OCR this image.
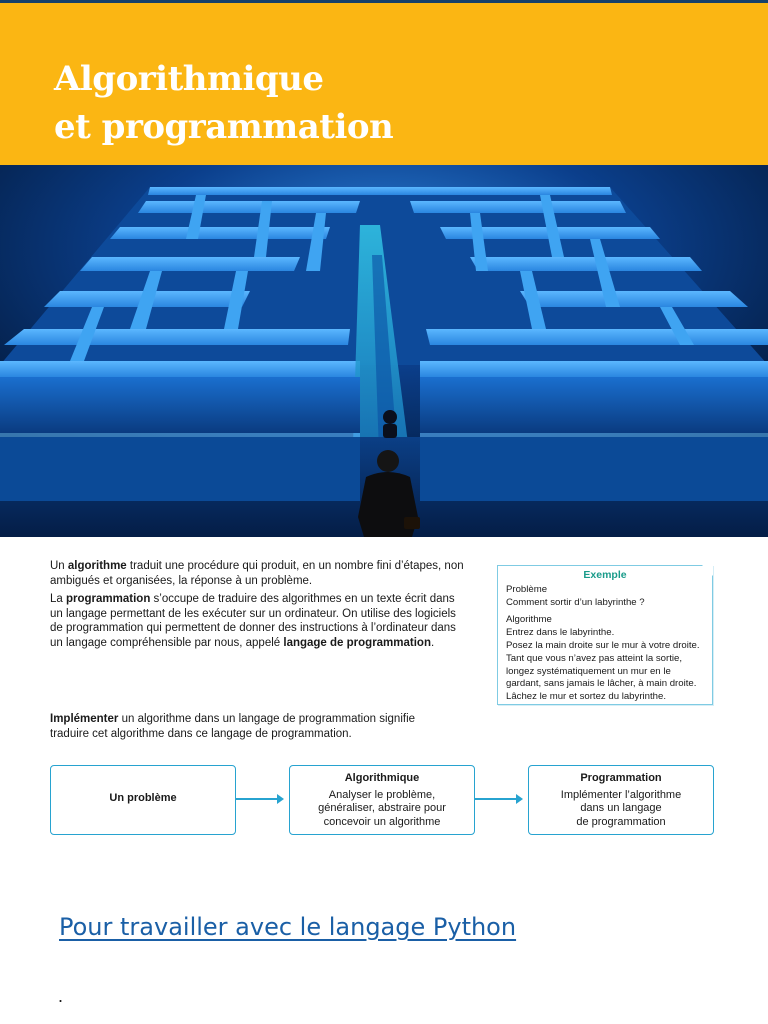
Algorithmique
et programmation

Un algorithme traduit une procédure qui produit, en un nombre fini d’étapes, non ambigués et organisées, la réponse à un problème.

La programmation s’occupe de traduire des algorithmes en un texte écrit dans un langage permettant de les exécuter sur un ordinateur. On utilise des logiciels de programmation qui permettent de donner des instructions à l’ordinateur dans un langage compréhensible par nous, appelé langage de programmation.

Implémenter un algorithme dans un langage de programmation signifie traduire cet algorithme dans ce langage de programmation.

Exemple
Problème
Comment sortir d’un labyrinthe ?
Algorithme
Entrez dans le labyrinthe.
Posez la main droite sur le mur à votre droite.
Tant que vous n’avez pas atteint la sortie,
longez systématiquement un mur en le
gardant, sans jamais le lâcher, à main droite.
Lâchez le mur et sortez du labyrinthe.
Un problème
Algorithmique
Analyser le problème,
généraliser, abstraire pour
concevoir un algorithme
Programmation
Implémenter l’algorithme
dans un langage
de programmation
Pour travailler avec le langage Python
.
